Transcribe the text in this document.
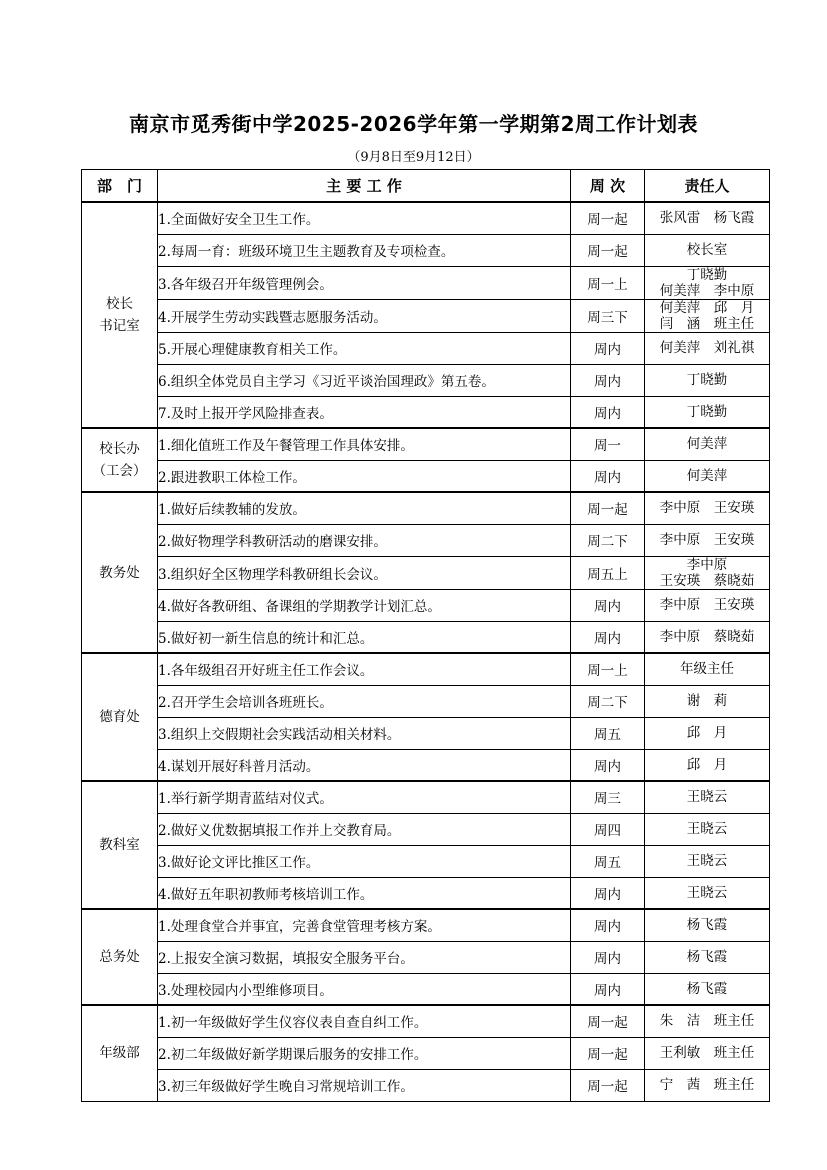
南京市觅秀街中学2025-2026学年第一学期第2周工作计划表
（9月8日至9月12日）
部　门	主 要 工 作	周 次	责任人

校长
书记室	1.全面做好安全卫生工作。	周一起	张风雷　杨飞霞

	2.每周一育：班级环境卫生主题教育及专项检查。	周一起	校长室

	3.各年级召开年级管理例会。	周一上	丁晓勤
何美萍　李中原

	4.开展学生劳动实践暨志愿服务活动。	周三下	何美萍　邱　月
闫　涵　班主任

	5.开展心理健康教育相关工作。	周内	何美萍　刘礼祺

	6.组织全体党员自主学习《习近平谈治国理政》第五卷。	周内	丁晓勤

	7.及时上报开学风险排查表。	周内	丁晓勤

校长办
（工会）	1.细化值班工作及午餐管理工作具体安排。	周一	何美萍

	2.跟进教职工体检工作。	周内	何美萍

教务处	1.做好后续教辅的发放。	周一起	李中原　王安瑛

	2.做好物理学科教研活动的磨课安排。	周二下	李中原　王安瑛

	3.组织好全区物理学科教研组长会议。	周五上	李中原
王安瑛　蔡晓茹

	4.做好各教研组、备课组的学期教学计划汇总。	周内	李中原　王安瑛

	5.做好初一新生信息的统计和汇总。	周内	李中原　蔡晓茹

德育处	1.各年级组召开好班主任工作会议。	周一上	年级主任

	2.召开学生会培训各班班长。	周二下	谢　莉

	3.组织上交假期社会实践活动相关材料。	周五	邱　月

	4.谋划开展好科普月活动。	周内	邱　月

教科室	1.举行新学期青蓝结对仪式。	周三	王晓云

	2.做好义优数据填报工作并上交教育局。	周四	王晓云

	3.做好论文评比推区工作。	周五	王晓云

	4.做好五年职初教师考核培训工作。	周内	王晓云

总务处	1.处理食堂合并事宜，完善食堂管理考核方案。	周内	杨飞霞

	2.上报安全演习数据，填报安全服务平台。	周内	杨飞霞

	3.处理校园内小型维修项目。	周内	杨飞霞

年级部	1.初一年级做好学生仪容仪表自查自纠工作。	周一起	朱　洁　班主任

	2.初二年级做好新学期课后服务的安排工作。	周一起	王利敏　班主任

	3.初三年级做好学生晚自习常规培训工作。	周一起	宁　茜　班主任
